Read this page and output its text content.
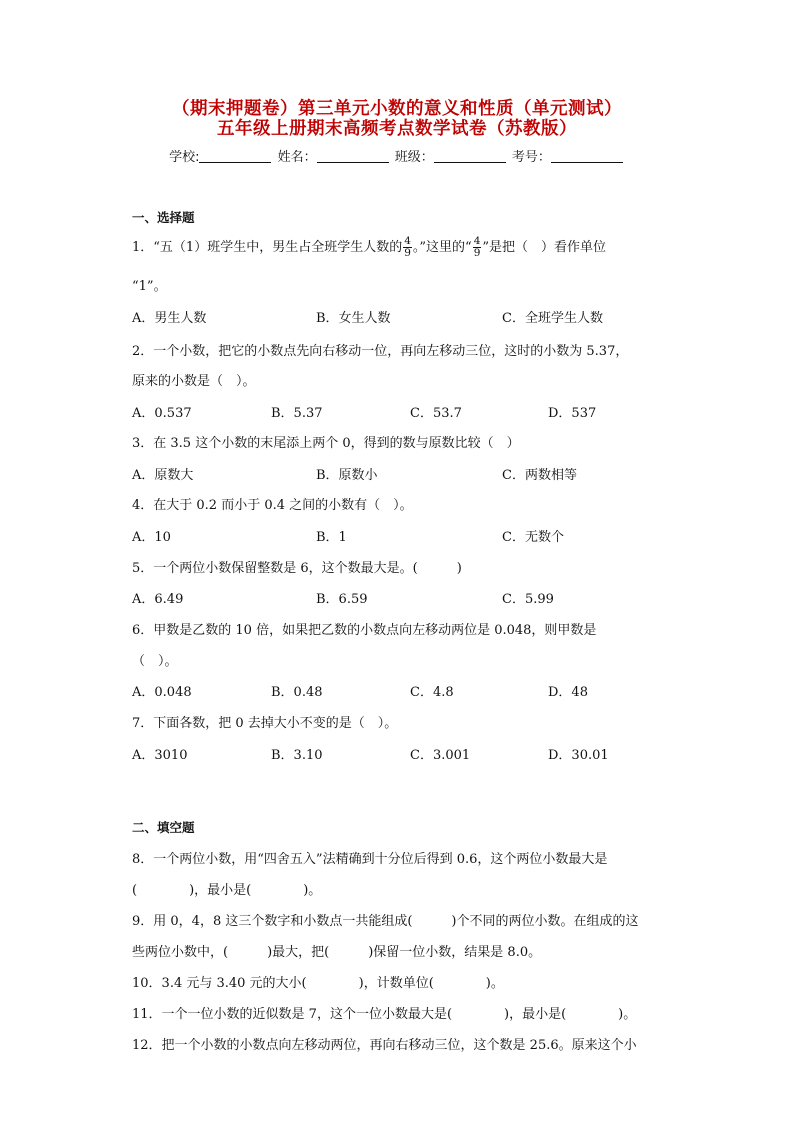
（期末押题卷）第三单元小数的意义和性质（单元测试）
五年级上册期末高频考点数学试卷（苏教版）
学校:	姓名：	班级：	考号：
一、选择题
1．“五（1）班学生中，男生占全班学生人数的 $\frac{4}{9}$ 。”这里的“ $\frac{4}{9}$ ”是把（　）看作单位
“1”。
A．男生人数	B．女生人数	C．全班学生人数
2．一个小数，把它的小数点先向右移动一位，再向左移动三位，这时的小数为 5.37，
原来的小数是（　）。
A．0.537	B．5.37	C．53.7	D．537
3．在 3.5 这个小数的末尾添上两个 0，得到的数与原数比较（　）
A．原数大	B．原数小	C．两数相等
4．在大于 0.2 而小于 0.4 之间的小数有（　）。
A．10	B．1	C．无数个
5．一个两位小数保留整数是 6，这个数最大是。(　　　)
A．6.49	B．6.59	C．5.99
6．甲数是乙数的 10 倍，如果把乙数的小数点向左移动两位是 0.048，则甲数是
（　）。
A．0.048	B．0.48	C．4.8	D．48
7．下面各数，把 0 去掉大小不变的是（　）。
A．3010	B．3.10	C．3.001	D．30.01
二、填空题
8．一个两位小数，用“四舍五入”法精确到十分位后得到 0.6，这个两位小数最大是
(　　　　)，最小是(　　　　)。
9．用 0，4，8 这三个数字和小数点一共能组成(　　　)个不同的两位小数。在组成的这
些两位小数中，(　　　)最大，把(　　　)保留一位小数，结果是 8.0。
10．3.4 元与 3.40 元的大小(　　　　)，计数单位(　　　　)。
11．一个一位小数的近似数是 7，这个一位小数最大是(　　　　)，最小是(　　　　)。
12．把一个小数的小数点向左移动两位，再向右移动三位，这个数是 25.6。原来这个小
